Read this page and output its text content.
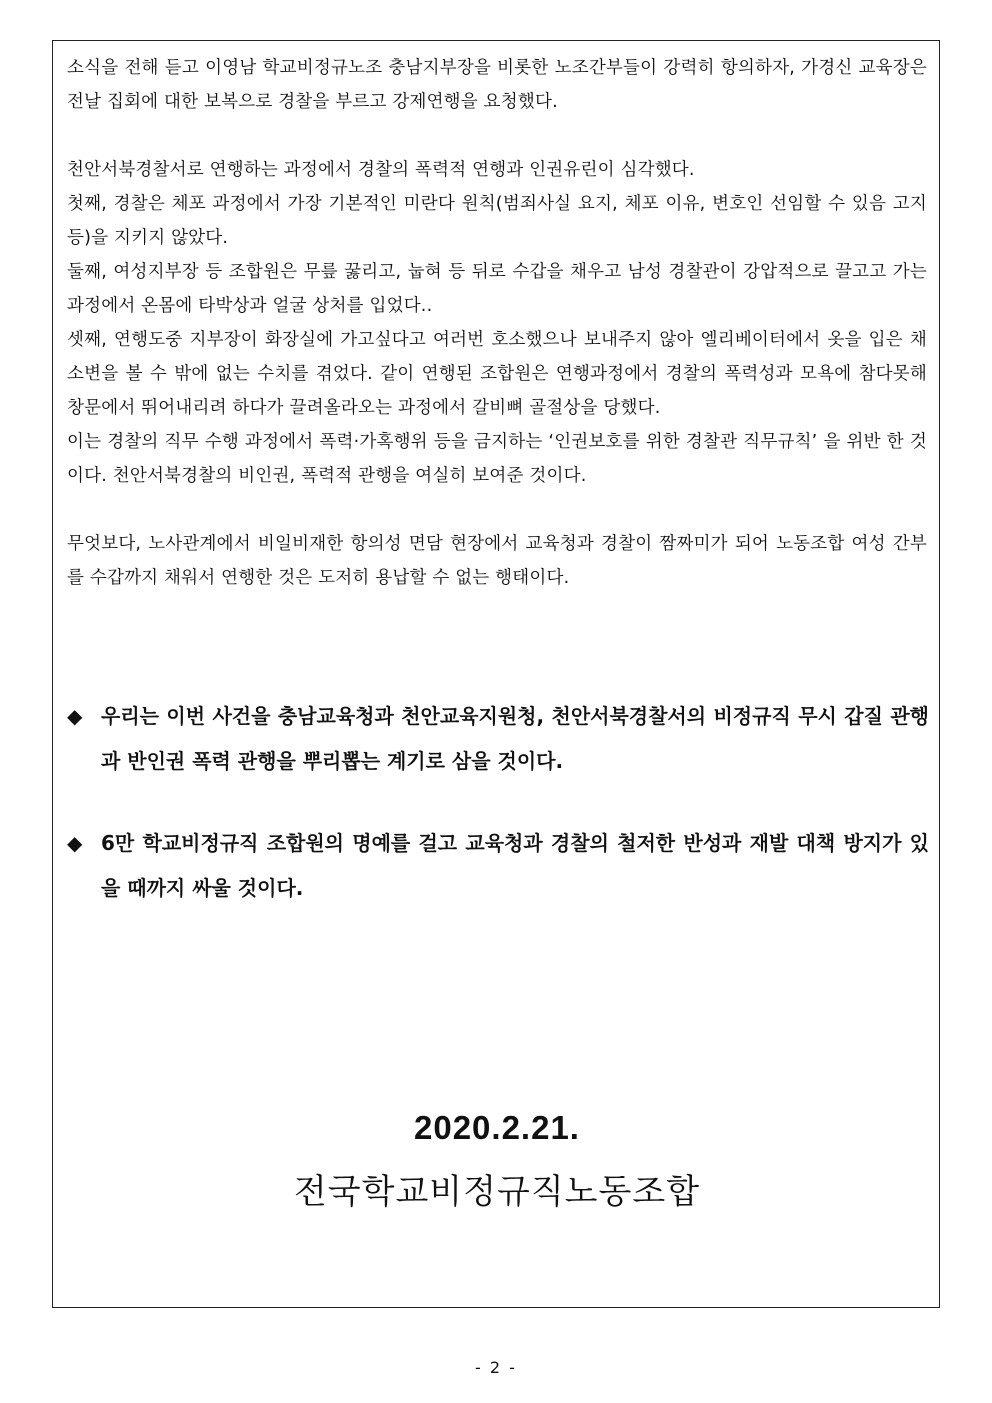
소식을 전해 듣고 이영남 학교비정규노조 충남지부장을 비롯한 노조간부들이 강력히 항의하자, 가경신 교육장은 전날 집회에 대한 보복으로 경찰을 부르고 강제연행을 요청했다.

천안서북경찰서로 연행하는 과정에서 경찰의 폭력적 연행과 인권유린이 심각했다.

첫째, 경찰은 체포 과정에서 가장 기본적인 미란다 원칙(범죄사실 요지, 체포 이유, 변호인 선임할 수 있음 고지 등)을 지키지 않았다.

둘째, 여성지부장 등 조합원은 무릎 꿇리고, 눕혀 등 뒤로 수갑을 채우고 남성 경찰관이 강압적으로 끌고고 가는 과정에서 온몸에 타박상과 얼굴 상처를 입었다..

셋째, 연행도중 지부장이 화장실에 가고싶다고 여러번 호소했으나 보내주지 않아 엘리베이터에서 옷을 입은 채 소변을 볼 수 밖에 없는 수치를 겪었다. 같이 연행된 조합원은 연행과정에서 경찰의 폭력성과 모욕에 참다못해 창문에서 뛰어내리려 하다가 끌려올라오는 과정에서 갈비뼈 골절상을 당했다.

이는 경찰의 직무 수행 과정에서 폭력·가혹행위 등을 금지하는 ‘인권보호를 위한 경찰관 직무규칙’ 을 위반 한 것이다. 천안서북경찰의 비인권, 폭력적 관행을 여실히 보여준 것이다.

무엇보다, 노사관계에서 비일비재한 항의성 면담 현장에서 교육청과 경찰이 짬짜미가 되어 노동조합 여성 간부를 수갑까지 채워서 연행한 것은 도저히 용납할 수 없는 행태이다.

◆ 우리는 이번 사건을 충남교육청과 천안교육지원청, 천안서북경찰서의 비정규직 무시 갑질 관행과 반인권 폭력 관행을 뿌리뽑는 계기로 삼을 것이다.

◆ 6만 학교비정규직 조합원의 명예를 걸고 교육청과 경찰의 철저한 반성과 재발 대책 방지가 있을 때까지 싸울 것이다.

2020.2.21.
전국학교비정규직노동조합
- 2 -
